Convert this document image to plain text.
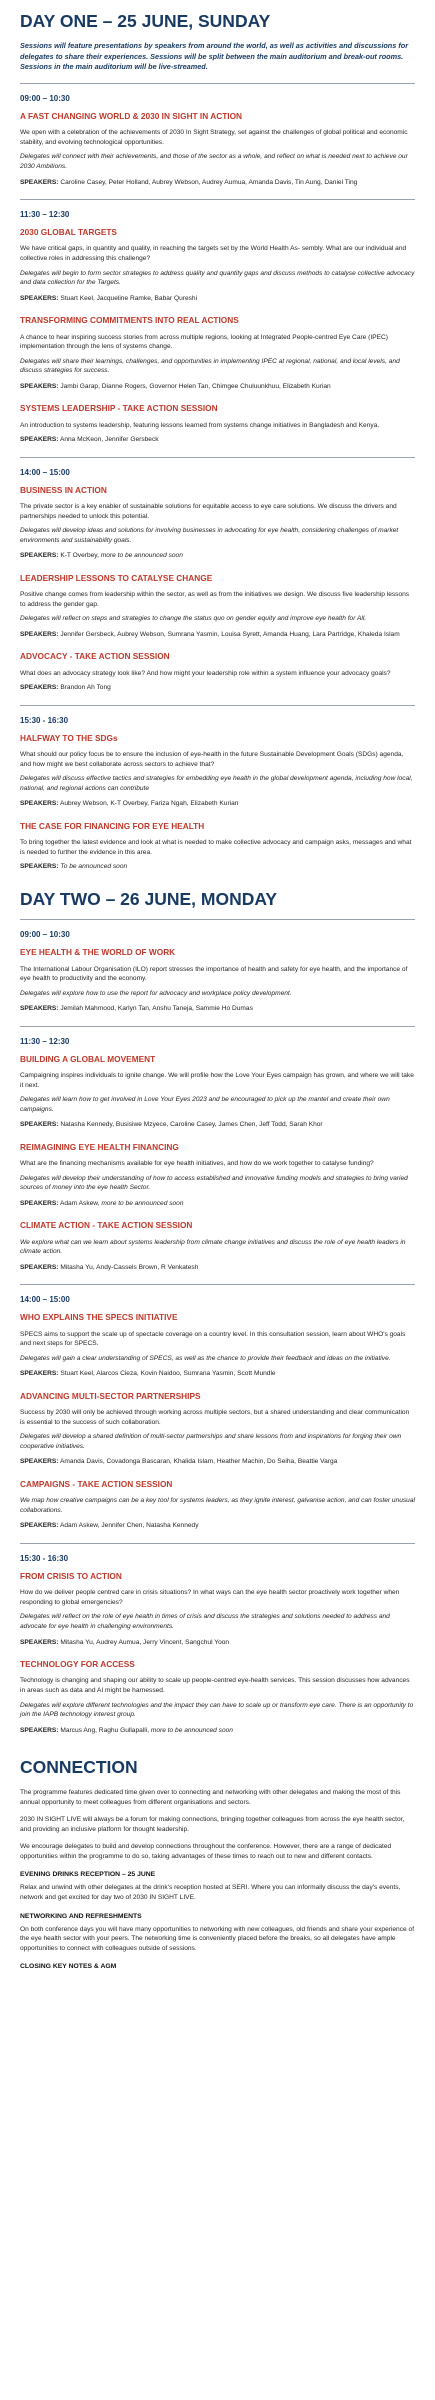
DAY ONE – 25 JUNE, SUNDAY

Sessions will feature presentations by speakers from around the world, as well as activities and discussions for delegates to share their experiences. Sessions will be split between the main auditorium and break-out rooms. Sessions in the main auditorium will be live-streamed.

09:00 – 10:30
A FAST CHANGING WORLD & 2030 IN SIGHT IN ACTION

We open with a celebration of the achievements of 2030 In Sight Strategy, set against the challenges of global political and economic stability, and evolving technological opportunities.

Delegates will connect with their achievements, and those of the sector as a whole, and reflect on what is needed next to achieve our 2030 Ambitions.

SPEAKERS: Caroline Casey, Peter Holland, Aubrey Webson, Audrey Aumua, Amanda Davis, Tin Aung, Daniel Ting

11:30 – 12:30
2030 GLOBAL TARGETS

We have critical gaps, in quantity and quality, in reaching the targets set by the World Health As- sembly. What are our individual and collective roles in addressing this challenge?

Delegates will begin to form sector strategies to address quality and quantity gaps and discuss methods to catalyse collective advocacy and data collection for the Targets.

SPEAKERS: Stuart Keel, Jacqueline Ramke, Babar Qureshi

TRANSFORMING COMMITMENTS INTO REAL ACTIONS

A chance to hear inspiring success stories from across multiple regions, looking at Integrated People-centred Eye Care (IPEC) implementation through the lens of systems change.

Delegates will share their learnings, challenges, and opportunities in implementing IPEC at regional, national, and local levels, and discuss strategies for success.

SPEAKERS: Jambi Garap, Dianne Rogers, Governor Helen Tan, Chimgee Chuluunkhuu, Elizabeth Kurian

SYSTEMS LEADERSHIP - TAKE ACTION SESSION

An introduction to systems leadership, featuring lessons learned from systems change initiatives in Bangladesh and Kenya.

SPEAKERS: Anna McKeon, Jennifer Gersbeck

14:00 – 15:00
BUSINESS IN ACTION

The private sector is a key enabler of sustainable solutions for equitable access to eye care solutions. We discuss the drivers and partnerships needed to unlock this potential.

Delegates will develop ideas and solutions for involving businesses in advocating for eye health, considering challenges of market environments and sustainability goals.

SPEAKERS: K-T Overbey, more to be announced soon

LEADERSHIP LESSONS TO CATALYSE CHANGE

Positive change comes from leadership within the sector, as well as from the initiatives we design. We discuss five leadership lessons to address the gender gap.

Delegates will reflect on steps and strategies to change the status quo on gender equity and improve eye health for All.

SPEAKERS: Jennifer Gersbeck, Aubrey Webson, Sumrana Yasmin, Louisa Syrett, Amanda Huang, Lara Partridge, Khaleda Islam

ADVOCACY - TAKE ACTION SESSION

What does an advocacy strategy look like? And how might your leadership role within a system influence your advocacy goals?

SPEAKERS: Brandon Ah Tong

15:30 - 16:30
HALFWAY TO THE SDGs

What should our policy focus be to ensure the inclusion of eye-health in the future Sustainable Development Goals (SDGs) agenda, and how might we best collaborate across sectors to achieve that?

Delegates will discuss effective tactics and strategies for embedding eye health in the global development agenda, including how local, national, and regional actions can contribute

SPEAKERS: Aubrey Webson, K-T Overbey, Fariza Ngah, Elizabeth Kurian

THE CASE FOR FINANCING FOR EYE HEALTH

To bring together the latest evidence and look at what is needed to make collective advocacy and campaign asks, messages and what is needed to further the evidence in this area.

SPEAKERS: To be announced soon

DAY TWO – 26 JUNE, MONDAY
09:00 – 10:30
EYE HEALTH & THE WORLD OF WORK

The International Labour Organisation (ILO) report stresses the importance of health and safety for eye health, and the importance of eye health to productivity and the economy.

Delegates will explore how to use the report for advocacy and workplace policy development.

SPEAKERS: Jemilah Mahmood, Karlyn Tan, Anshu Taneja, Sammie Ho Dumas

11:30 – 12:30
BUILDING A GLOBAL MOVEMENT

Campaigning inspires individuals to ignite change. We will profile how the Love Your Eyes campaign has grown, and where we will take it next.

Delegates will learn how to get involved in Love Your Eyes 2023 and be encouraged to pick up the mantel and create their own campaigns.

SPEAKERS: Natasha Kennedy, Busisiwe Mzyece, Caroline Casey, James Chen, Jeff Todd, Sarah Khor

REIMAGINING EYE HEALTH FINANCING

What are the financing mechanisms available for eye health initiatives, and how do we work together to catalyse funding?

Delegates will develop their understanding of how to access established and innovative funding models and strategies to bring varied sources of money into the eye health Sector.

SPEAKERS: Adam Askew, more to be announced soon

CLIMATE ACTION - TAKE ACTION SESSION

We explore what can we learn about systems leadership from climate change initiatives and discuss the role of eye health leaders in climate action.

SPEAKERS: Mitasha Yu, Andy-Cassels Brown, R Venkatesh

14:00 – 15:00
WHO EXPLAINS THE SPECS INITIATIVE

SPECS aims to support the scale up of spectacle coverage on a country level. In this consultation session, learn about WHO's goals and next steps for SPECS.

Delegates will gain a clear understanding of SPECS, as well as the chance to provide their feedback and ideas on the initiative.

SPEAKERS: Stuart Keel, Alarcos Cieza, Kovin Naidoo, Sumrana Yasmin, Scott Mundle

ADVANCING MULTI-SECTOR PARTNERSHIPS

Success by 2030 will only be achieved through working across multiple sectors, but a shared understanding and clear communication is essential to the success of such collaboration.

Delegates will develop a shared definition of multi-sector partnerships and share lessons from and inspirations for forging their own cooperative initiatives.

SPEAKERS: Amanda Davis, Covadonga Bascaran, Khalida Islam, Heather Machin, Do Seiha, Beattie Varga

CAMPAIGNS - TAKE ACTION SESSION

We map how creative campaigns can be a key tool for systems leaders, as they ignite interest, galvanise action, and can foster unusual collaborations.

SPEAKERS: Adam Askew, Jennifer Chen, Natasha Kennedy

15:30 - 16:30
FROM CRISIS TO ACTION

How do we deliver people centred care in crisis situations? In what ways can the eye health sector proactively work together when responding to global emergencies?

Delegates will reflect on the role of eye health in times of crisis and discuss the strategies and solutions needed to address and advocate for eye health in challenging environments.

SPEAKERS: Mitasha Yu, Audrey Aumua, Jerry Vincent, Sangchul Yoon

TECHNOLOGY FOR ACCESS

Technology is changing and shaping our ability to scale up people-centred eye-health services. This session discusses how advances in areas such as data and AI might be harnessed.

Delegates will explore different technologies and the impact they can have to scale up or transform eye care. There is an opportunity to join the IAPB technology interest group.

SPEAKERS: Marcus Ang, Raghu Gullapalli, more to be announced soon

CONNECTION

The programme features dedicated time given over to connecting and networking with other delegates and making the most of this annual opportunity to meet colleagues from different organisations and sectors.

2030 IN SIGHT LIVE will always be a forum for making connections, bringing together colleagues from across the eye health sector, and providing an inclusive platform for thought leadership.

We encourage delegates to build and develop connections throughout the conference. However, there are a range of dedicated opportunities within the programme to do so, taking advantages of these times to reach out to new and different contacts.

EVENING DRINKS RECEPTION – 25 JUNE

Relax and unwind with other delegates at the drink's reception hosted at SERI. Where you can informally discuss the day's events, network and get excited for day two of 2030 IN SIGHT LIVE.

NETWORKING AND REFRESHMENTS

On both conference days you will have many opportunities to networking with new colleagues, old friends and share your experience of the eye health sector with your peers. The networking time is conveniently placed before the breaks, so all delegates have ample opportunities to connect with colleagues outside of sessions.

CLOSING KEY NOTES & AGM
